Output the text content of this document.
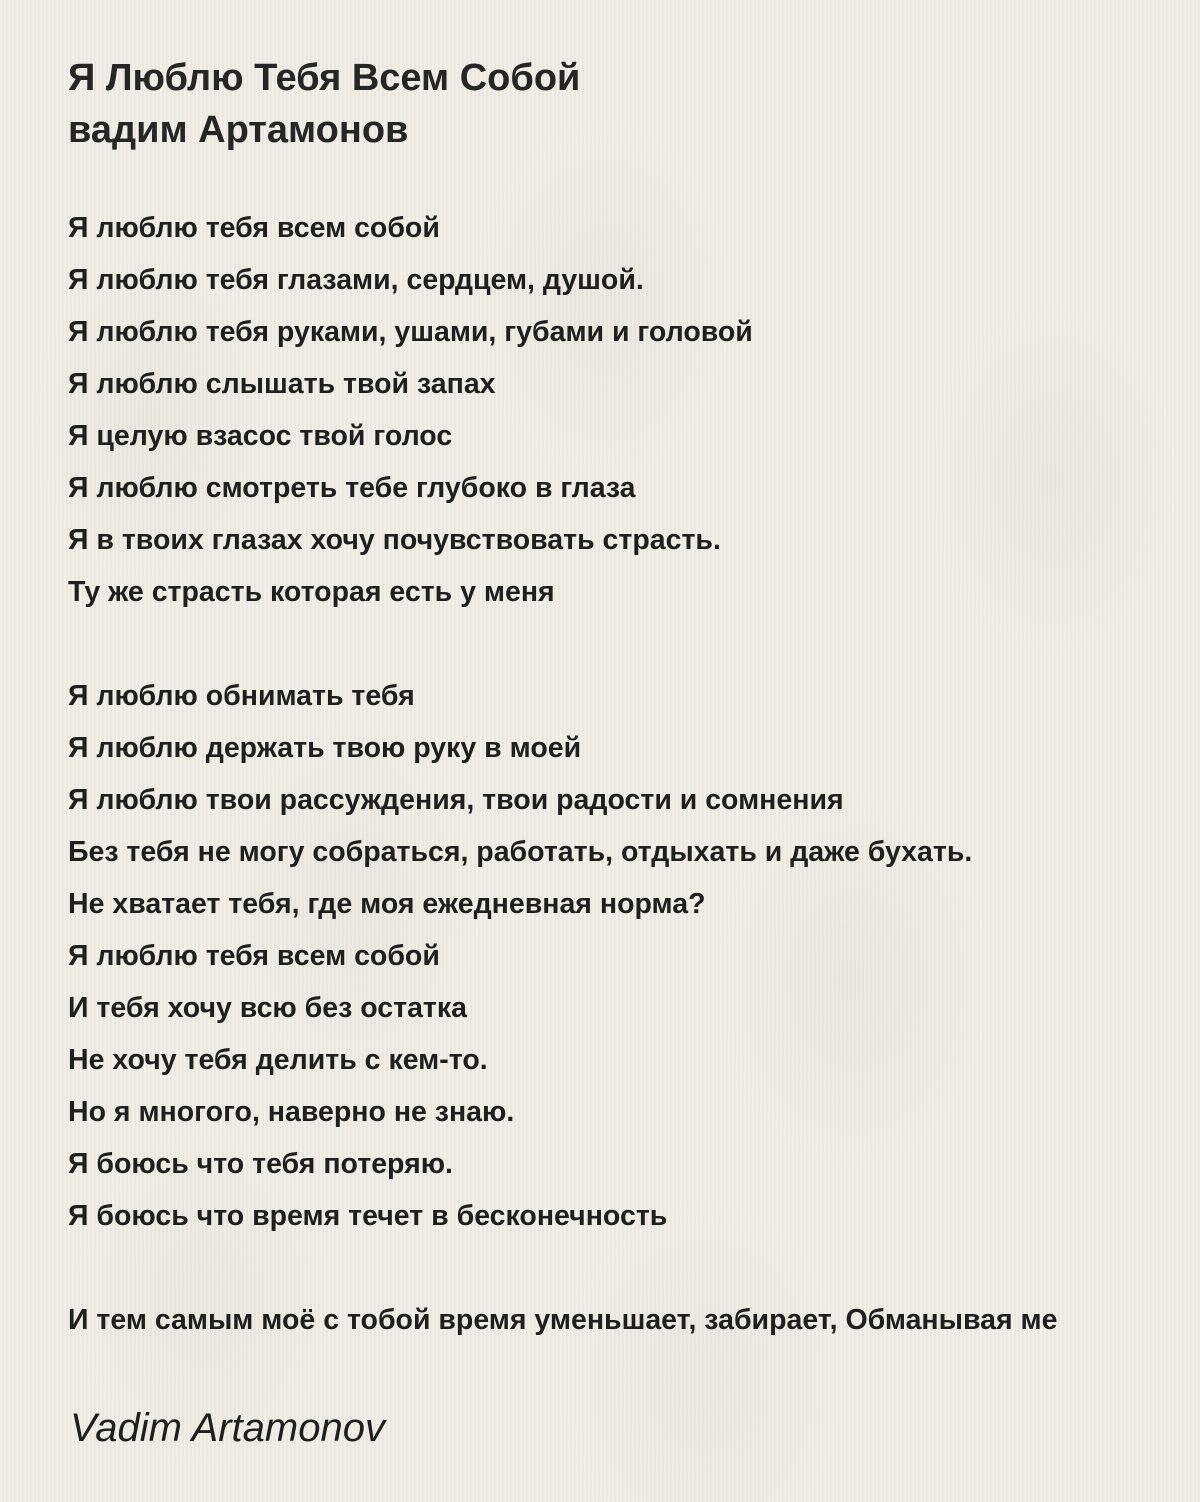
Я Люблю Тебя Всем Собой
вадим Артамонов
Я люблю тебя всем собой
Я люблю тебя глазами, сердцем, душой.
Я люблю тебя руками, ушами, губами и головой
Я люблю слышать твой запах
Я целую взасос твой голос
Я люблю смотреть тебе глубоко в глаза
Я в твоих глазах хочу почувствовать страсть.
Ту же страсть которая есть у меня
Я люблю обнимать тебя
Я люблю держать твою руку в моей
Я люблю твои рассуждения, твои радости и сомнения
Без тебя не могу собраться, работать, отдыхать и даже бухать.
Не хватает тебя, где моя ежедневная норма?
Я люблю тебя всем собой
И тебя хочу всю без остатка
Не хочу тебя делить с кем-то.
Но я многого, наверно не знаю.
Я боюсь что тебя потеряю.
Я боюсь что время течет в бесконечность
И тем самым моё с тобой время уменьшает, забирает, Обманывая ме
Vadim Artamonov
